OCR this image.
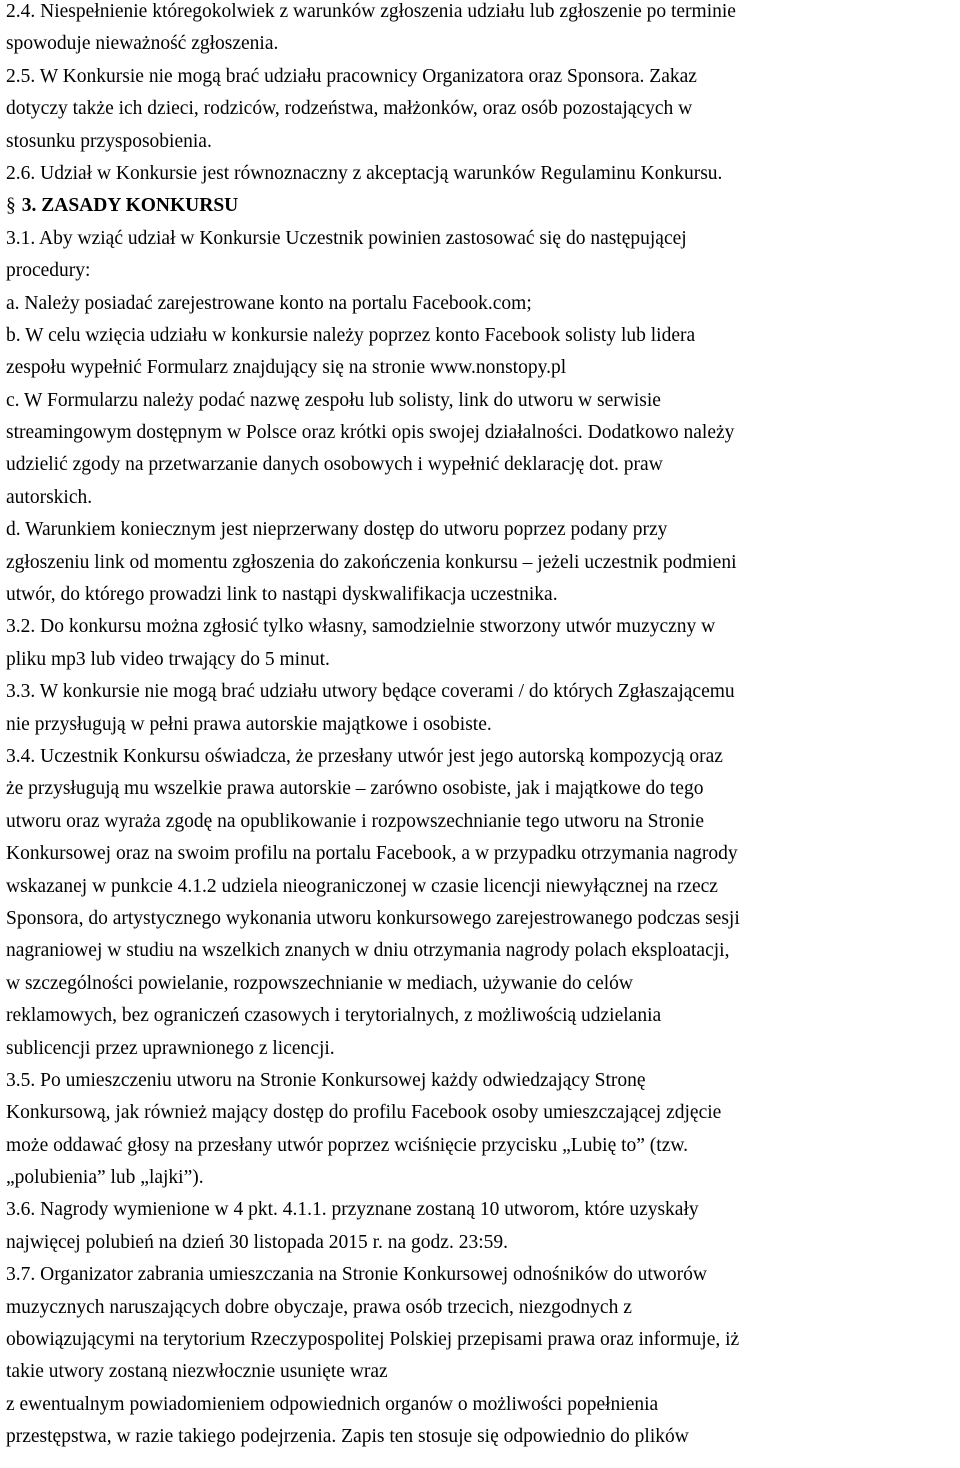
2.4. Niespełnienie któregokolwiek z warunków zgłoszenia udziału lub zgłoszenie po terminie
spowoduje nieważność zgłoszenia.
2.5. W Konkursie nie mogą brać udziału pracownicy Organizatora oraz Sponsora. Zakaz
dotyczy także ich dzieci, rodziców, rodzeństwa, małżonków, oraz osób pozostających w
stosunku przysposobienia.
2.6. Udział w Konkursie jest równoznaczny z akceptacją warunków Regulaminu Konkursu.
§ 3. ZASADY KONKURSU
3.1. Aby wziąć udział w Konkursie Uczestnik powinien zastosować się do następującej
procedury:
a. Należy posiadać zarejestrowane konto na portalu Facebook.com;
b. W celu wzięcia udziału w konkursie należy poprzez konto Facebook solisty lub lidera
zespołu wypełnić Formularz znajdujący się na stronie www.nonstopy.pl
c. W Formularzu należy podać nazwę zespołu lub solisty, link do utworu w serwisie
streamingowym dostępnym w Polsce oraz krótki opis swojej działalności. Dodatkowo należy
udzielić zgody na przetwarzanie danych osobowych i wypełnić deklarację dot. praw
autorskich.
d. Warunkiem koniecznym jest nieprzerwany dostęp do utworu poprzez podany przy
zgłoszeniu link od momentu zgłoszenia do zakończenia konkursu – jeżeli uczestnik podmieni
utwór, do którego prowadzi link to nastąpi dyskwalifikacja uczestnika.
3.2. Do konkursu można zgłosić tylko własny, samodzielnie stworzony utwór muzyczny w
pliku mp3 lub video trwający do 5 minut.
3.3. W konkursie nie mogą brać udziału utwory będące coverami / do których Zgłaszającemu
nie przysługują w pełni prawa autorskie majątkowe i osobiste.
3.4. Uczestnik Konkursu oświadcza, że przesłany utwór jest jego autorską kompozycją oraz
że przysługują mu wszelkie prawa autorskie – zarówno osobiste, jak i majątkowe do tego
utworu oraz wyraża zgodę na opublikowanie i rozpowszechnianie tego utworu na Stronie
Konkursowej oraz na swoim profilu na portalu Facebook, a w przypadku otrzymania nagrody
wskazanej w punkcie 4.1.2 udziela nieograniczonej w czasie licencji niewyłącznej na rzecz
Sponsora, do artystycznego wykonania utworu konkursowego zarejestrowanego podczas sesji
nagraniowej w studiu na wszelkich znanych w dniu otrzymania nagrody polach eksploatacji,
w szczególności powielanie, rozpowszechnianie w mediach, używanie do celów
reklamowych, bez ograniczeń czasowych i terytorialnych, z możliwością udzielania
sublicencji przez uprawnionego z licencji.
3.5. Po umieszczeniu utworu na Stronie Konkursowej każdy odwiedzający Stronę
Konkursową, jak również mający dostęp do profilu Facebook osoby umieszczającej zdjęcie
może oddawać głosy na przesłany utwór poprzez wciśnięcie przycisku „Lubię to” (tzw.
„polubienia” lub „lajki”).
3.6. Nagrody wymienione w 4 pkt. 4.1.1. przyznane zostaną 10 utworom, które uzyskały
najwięcej polubień na dzień 30 listopada 2015 r. na godz. 23:59.
3.7. Organizator zabrania umieszczania na Stronie Konkursowej odnośników do utworów
muzycznych naruszających dobre obyczaje, prawa osób trzecich, niezgodnych z
obowiązującymi na terytorium Rzeczypospolitej Polskiej przepisami prawa oraz informuje, iż
takie utwory zostaną niezwłocznie usunięte wraz
z ewentualnym powiadomieniem odpowiednich organów o możliwości popełnienia
przestępstwa, w razie takiego podejrzenia. Zapis ten stosuje się odpowiednio do plików
